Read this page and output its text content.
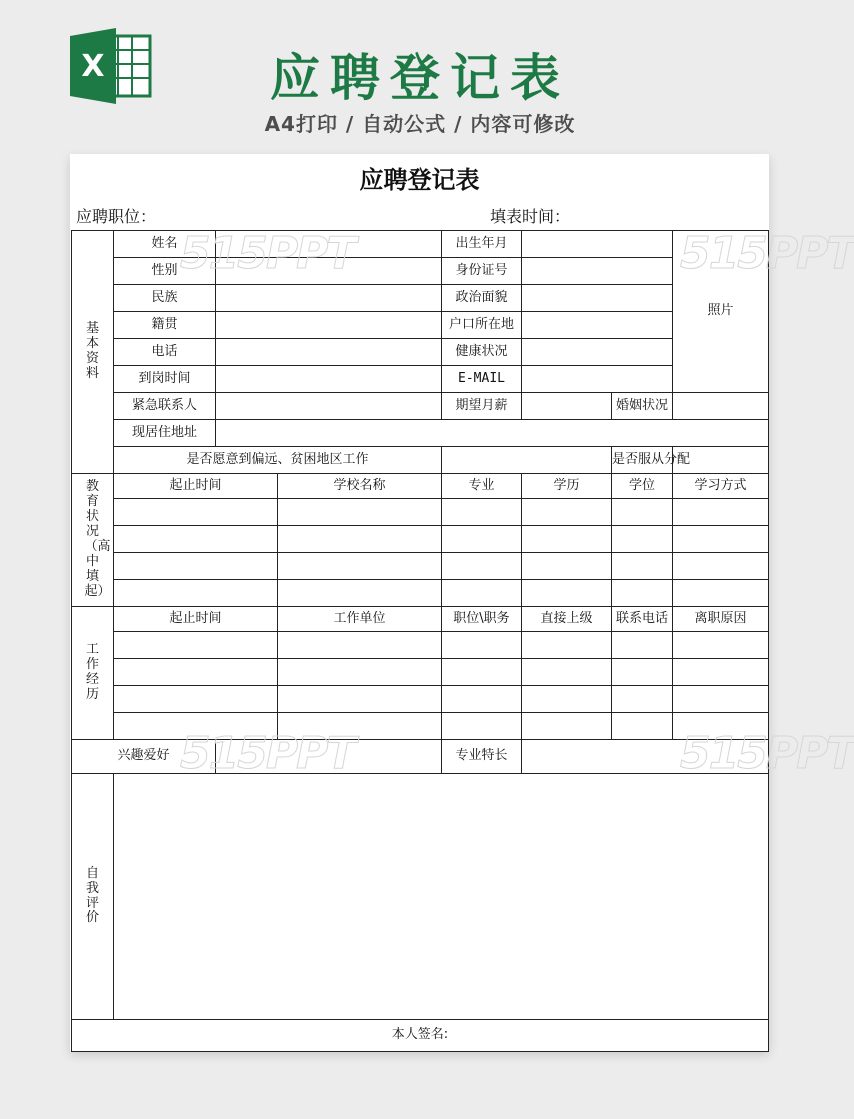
X	应聘登记表
A4打印 / 自动公式 / 内容可修改
应聘登记表
应聘职位：	填表时间：
基本资料	姓名			出生年月			照片
	性别			身份证号			
	民族			政治面貌			
	籍贯			户口所在地			
	电话			健康状况			
	到岗时间			E-MAIL			
	紧急联系人			期望月薪		婚姻状况	
	现居住地址						
	是否愿意到偏远、贫困地区工作					是否服从分配	
教育状况（高中填起）	起止时间		学校名称	专业	学历	学位	学习方式

工作经历	起止时间		工作单位	职位\职务	直接上级	联系电话	离职原因

兴趣爱好				专业特长			
自我评价							
本人签名:							
515PPT	515PPT
515PPT	515PPT
